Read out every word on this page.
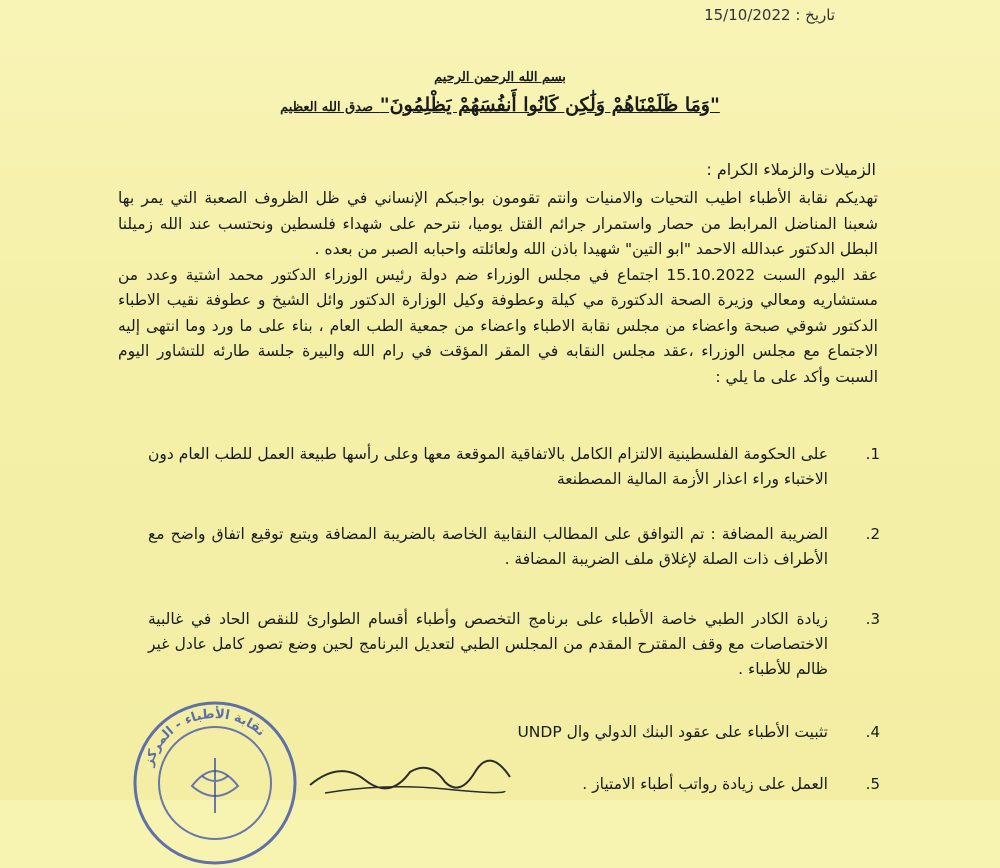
تاريخ : 15/10/2022
بسم الله الرحمن الرحيم
"وَمَا ظَلَمْنَاهُمْ وَلَٰكِن كَانُوا أَنفُسَهُمْ يَظْلِمُونَ" صدق الله العظيم
الزميلات والزملاء الكرام :

تهديكم نقابة الأطباء اطيب التحيات والامنيات وانتم تقومون بواجبكم الإنساني في ظل الظروف الصعبة التي يمر بها شعبنا المناضل المرابط من حصار واستمرار جرائم القتل يوميا، نترحم على شهداء فلسطين ونحتسب عند الله زميلنا البطل الدكتور عبدالله الاحمد "ابو التين" شهيدا باذن الله ولعائلته واحبابه الصبر من بعده .

عقد اليوم السبت 15.10.2022 اجتماع في مجلس الوزراء ضم دولة رئيس الوزراء الدكتور محمد اشتية وعدد من مستشاريه ومعالي وزيرة الصحة الدكتورة مي كيلة وعطوفة وكيل الوزارة الدكتور وائل الشيخ و عطوفة نقيب الاطباء الدكتور شوقي صبحة واعضاء من مجلس نقابة الاطباء واعضاء من جمعية الطب العام ، بناء على ما ورد وما انتهى إليه الاجتماع مع مجلس الوزراء ،عقد مجلس النقابه في المقر المؤقت في رام الله والبيرة جلسة طارئه للتشاور اليوم السبت وأكد على ما يلي :

1.
على الحكومة الفلسطينية الالتزام الكامل بالاتفاقية الموقعة معها وعلى رأسها طبيعة العمل للطب العام دون الاختباء وراء اعذار الأزمة المالية المصطنعة
2.
الضريبة المضافة : تم التوافق على المطالب النقابية الخاصة بالضريبة المضافة ويتبع توقيع اتفاق واضح مع الأطراف ذات الصلة لإغلاق ملف الضريبة المضافة .
3.
زيادة الكادر الطبي خاصة الأطباء على برنامج التخصص وأطباء أقسام الطوارئ للنقص الحاد في غالبية الاختصاصات مع وقف المقترح المقدم من المجلس الطبي لتعديل البرنامج لحين وضع تصور كامل عادل غير ظالم للأطباء .
4.
تثبيت الأطباء على عقود البنك الدولي وال UNDP
5.
العمل على زيادة رواتب أطباء الامتياز .
نقابة الأطباء - المركز
